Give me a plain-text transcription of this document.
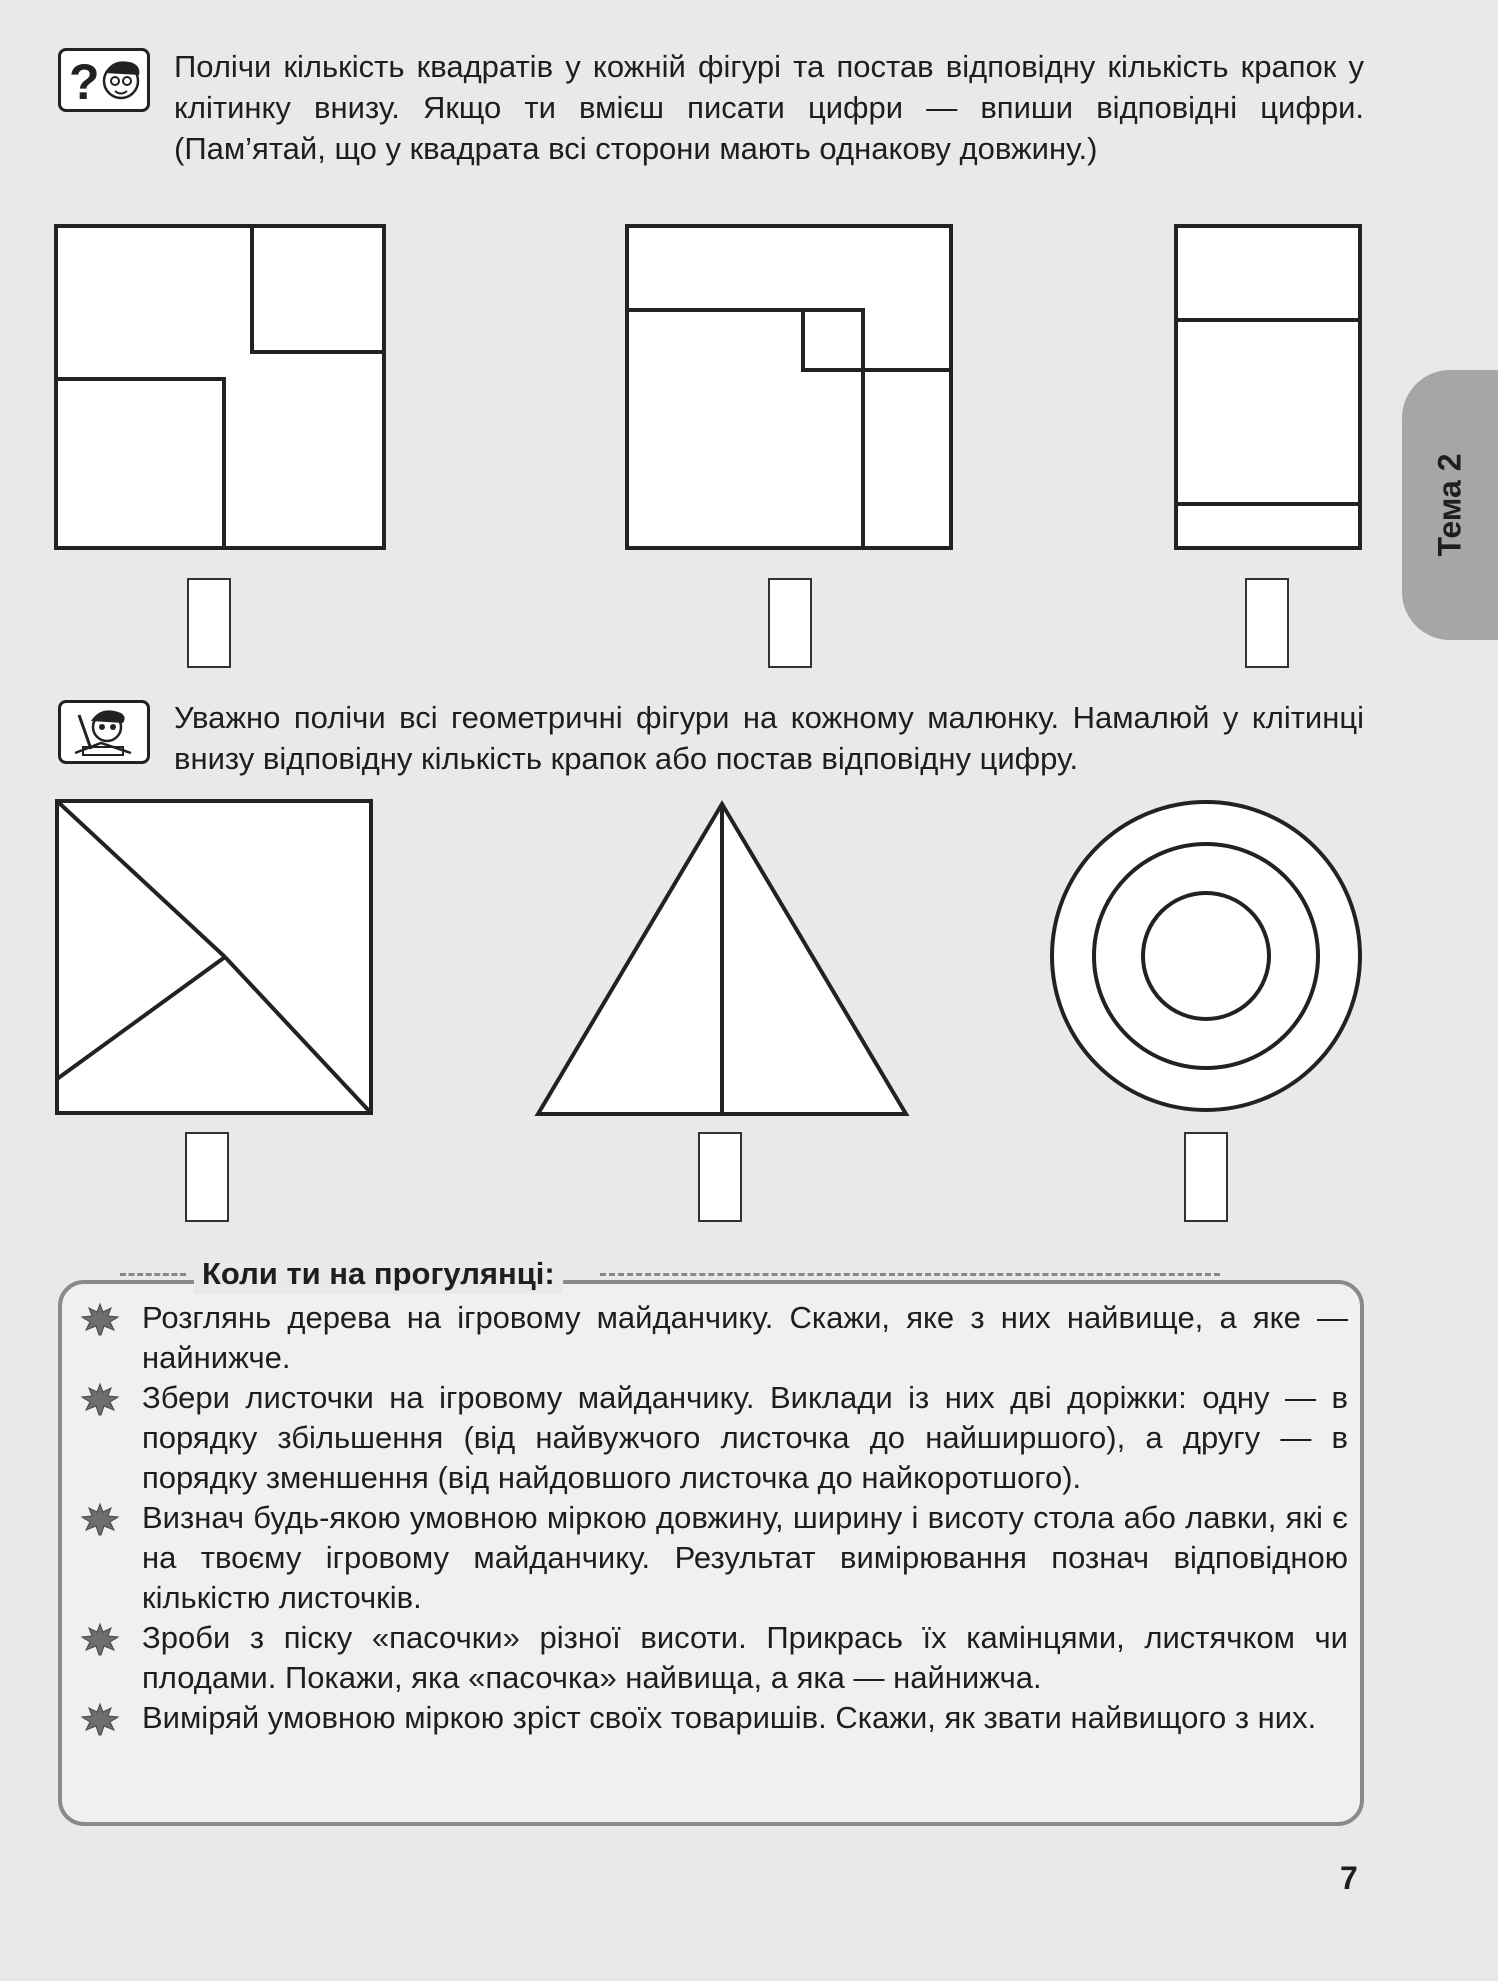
? Полічи кількість квадратів у кожній фігурі та постав відповідну кількість крапок у клітинку внизу. Якщо ти вмієш писати цифри — впиши відповідні цифри. (Пам’ятай, що у квадрата всі сторони мають однакову довжину.)

Уважно полічи всі геометричні фігури на кожному малюнку. Намалюй у клітинці внизу відповідну кількість крапок або постав відповідну цифру.

Тема 2
Коли ти на прогулянці:
Розглянь дерева на ігровому майданчику. Скажи, яке з них найвище, а яке — найнижче.
Збери листочки на ігровому майданчику. Виклади із них дві доріжки: одну — в порядку збільшення (від найвужчого листочка до найширшого), а другу — в порядку зменшення (від найдовшого листочка до найкоротшого).
Визнач будь-якою умовною міркою довжину, ширину і висоту стола або лавки, які є на твоєму ігровому майданчику. Результат вимірювання познач відповідною кількістю листочків.
Зроби з піску «пасочки» різної висоти. Прикрась їх камінцями, листячком чи плодами. Покажи, яка «пасочка» найвища, а яка — найнижча.
Виміряй умовною міркою зріст своїх товаришів. Скажи, як звати найвищого з них.
7
